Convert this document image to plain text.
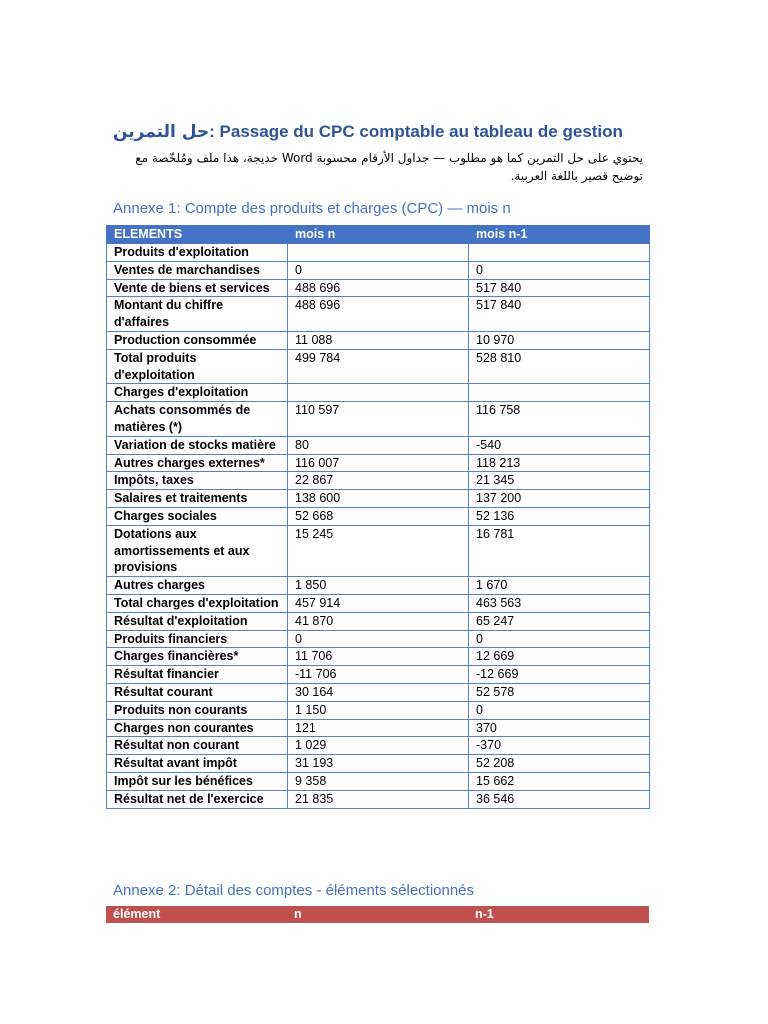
حل التمرين: Passage du CPC comptable au tableau de gestion
يحتوي على حل التمرين كما هو مطلوب — جداول الأرقام محسوبة Word خديجة، هذا ملف ومُلخّصة مع توضيح قصير باللغة العربية.
Annexe 1: Compte des produits et charges (CPC) — mois n
ELEMENTS	mois n	mois n-1
Produits d'exploitation		
Ventes de marchandises	0	0
Vente de biens et services	488 696	517 840
Montant du chiffre d'affaires	488 696	517 840
Production consommée	11 088	10 970
Total produits d'exploitation	499 784	528 810
Charges d'exploitation		
Achats consommés de matières (*)	110 597	116 758
Variation de stocks matière	80	-540
Autres charges externes*	116 007	118 213
Impôts, taxes	22 867	21 345
Salaires et traitements	138 600	137 200
Charges sociales	52 668	52 136
Dotations aux amortissements et aux provisions	15 245	16 781
Autres charges	1 850	1 670
Total charges d'exploitation	457 914	463 563
Résultat d'exploitation	41 870	65 247
Produits financiers	0	0
Charges financières*	11 706	12 669
Résultat financier	-11 706	-12 669
Résultat courant	30 164	52 578
Produits non courants	1 150	0
Charges non courantes	121	370
Résultat non courant	1 029	-370
Résultat avant impôt	31 193	52 208
Impôt sur les bénéfices	9 358	15 662
Résultat net de l'exercice	21 835	36 546
Annexe 2: Détail des comptes - éléments sélectionnés
élément	n	n-1
